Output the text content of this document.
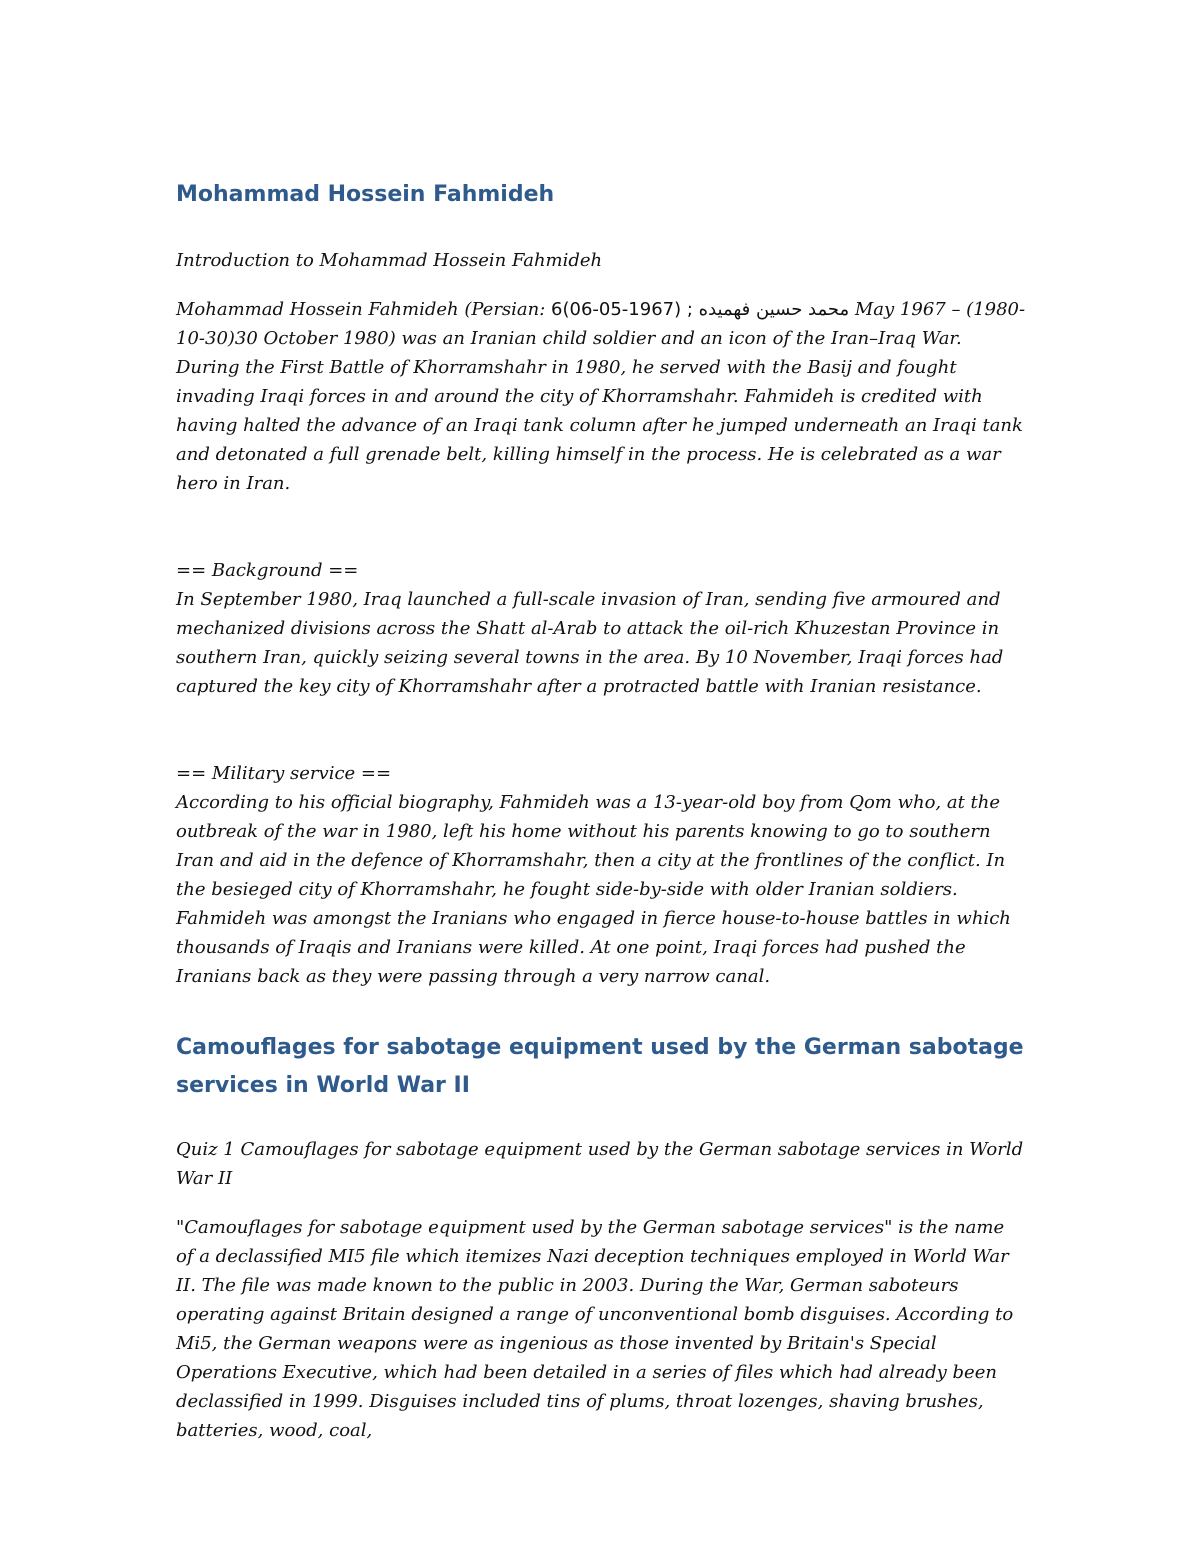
Mohammad Hossein Fahmideh

Introduction to Mohammad Hossein Fahmideh

Mohammad Hossein Fahmideh (Persian: 6(06-05-1967) ; محمد حسین فهمیده May 1967 – (1980-10-30)30 October 1980) was an Iranian child soldier and an icon of the Iran–Iraq War. During the First Battle of Khorramshahr in 1980, he served with the Basij and fought invading Iraqi forces in and around the city of Khorramshahr. Fahmideh is credited with having halted the advance of an Iraqi tank column after he jumped underneath an Iraqi tank and detonated a full grenade belt, killing himself in the process. He is celebrated as a war hero in Iran.

== Background ==

In September 1980, Iraq launched a full-scale invasion of Iran, sending five armoured and mechanized divisions across the Shatt al-Arab to attack the oil-rich Khuzestan Province in southern Iran, quickly seizing several towns in the area. By 10 November, Iraqi forces had captured the key city of Khorramshahr after a protracted battle with Iranian resistance.

== Military service ==

According to his official biography, Fahmideh was a 13-year-old boy from Qom who, at the outbreak of the war in 1980, left his home without his parents knowing to go to southern Iran and aid in the defence of Khorramshahr, then a city at the frontlines of the conflict. In the besieged city of Khorramshahr, he fought side-by-side with older Iranian soldiers. Fahmideh was amongst the Iranians who engaged in fierce house-to-house battles in which thousands of Iraqis and Iranians were killed. At one point, Iraqi forces had pushed the Iranians back as they were passing through a very narrow canal.

Camouflages for sabotage equipment used by the German sabotage services in World War II

Quiz 1 Camouflages for sabotage equipment used by the German sabotage services in World War II

"Camouflages for sabotage equipment used by the German sabotage services" is the name of a declassified MI5 file which itemizes Nazi deception techniques employed in World War II. The file was made known to the public in 2003. During the War, German saboteurs operating against Britain designed a range of unconventional bomb disguises. According to Mi5, the German weapons were as ingenious as those invented by Britain's Special Operations Executive, which had been detailed in a series of files which had already been declassified in 1999. Disguises included tins of plums, throat lozenges, shaving brushes, batteries, wood, coal,
